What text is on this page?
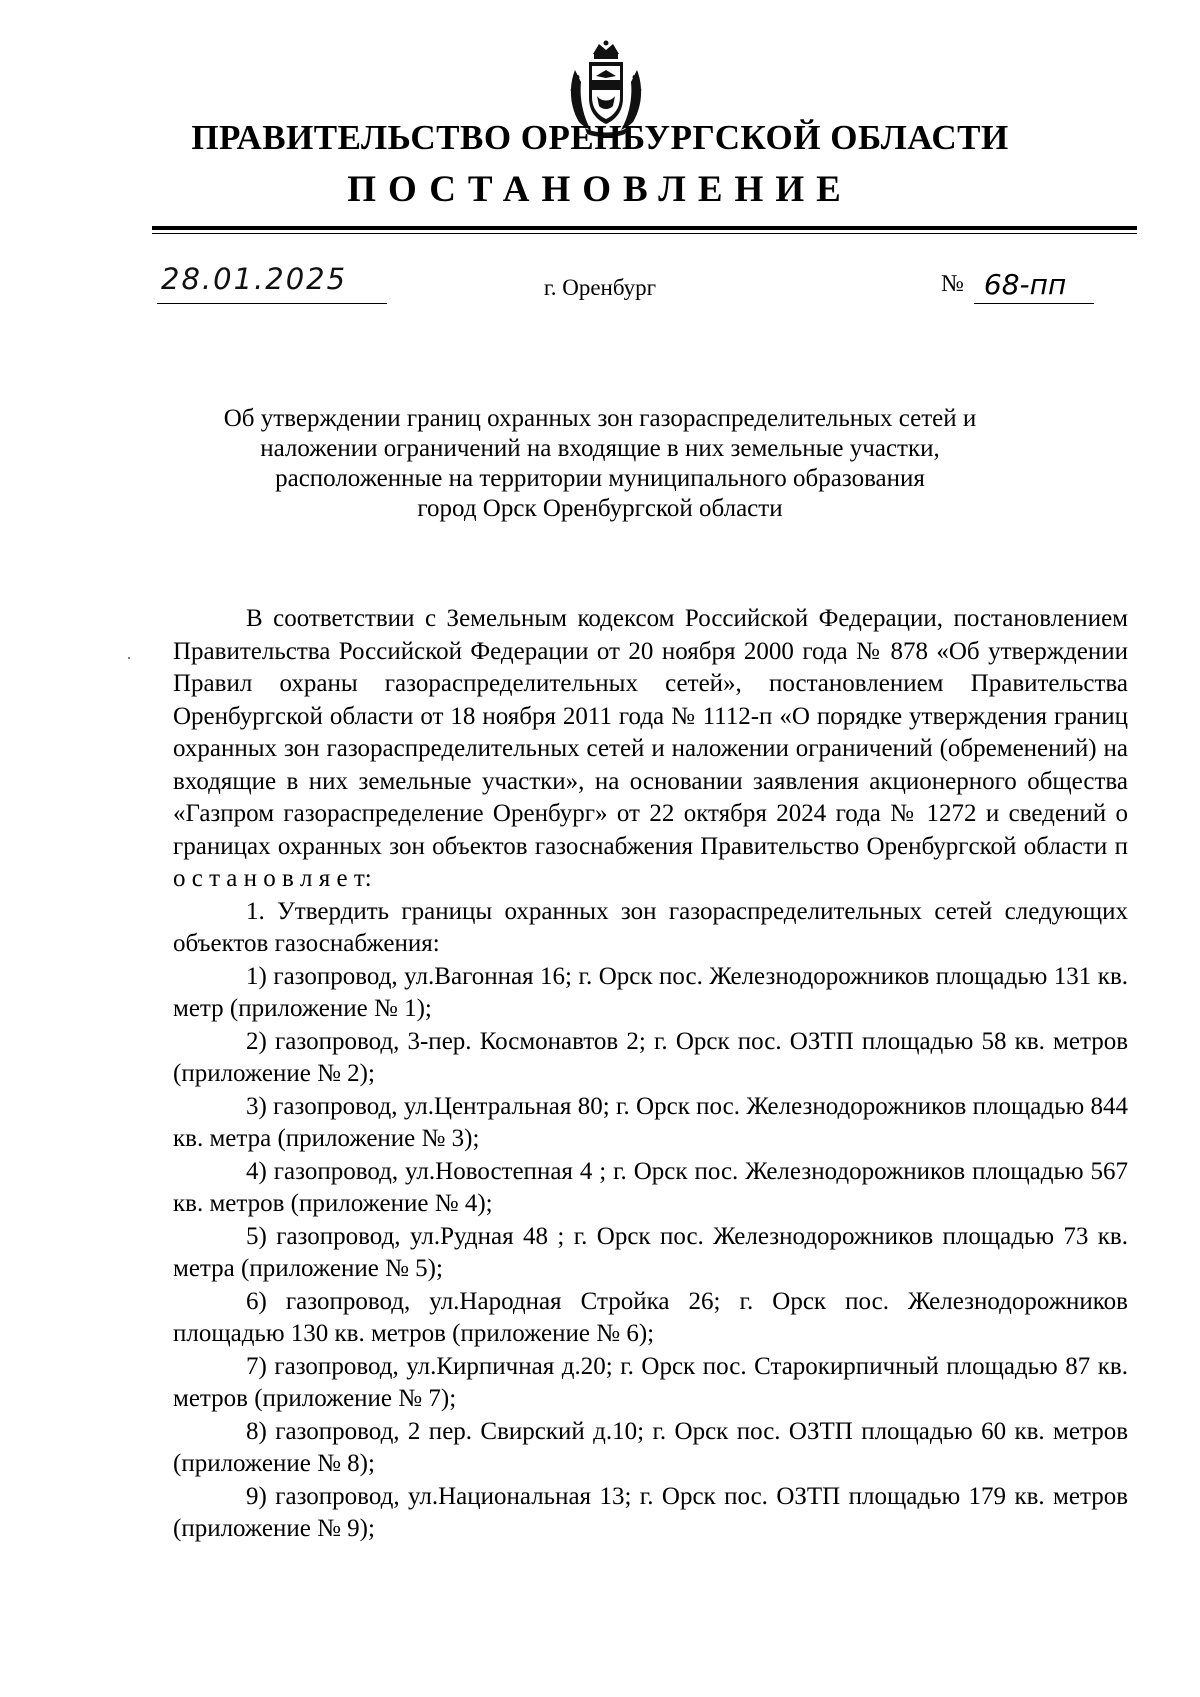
ПРАВИТЕЛЬСТВО ОРЕНБУРГСКОЙ ОБЛАСТИ
ПОСТАНОВЛЕНИЕ
28.01.2025	г. Оренбург	№ 68-пп
Об утверждении границ охранных зон газораспределительных сетей и
наложении ограничений на входящие в них земельные участки,
расположенные на территории муниципального образования
город Орск Оренбургской области

В соответствии с Земельным кодексом Российской Федерации, постановлением Правительства Российской Федерации от 20 ноября 2000 года № 878 «Об утверждении Правил охраны газораспределительных сетей», постановлением Правительства Оренбургской области от 18 ноября 2011 года № 1112-п «О порядке утверждения границ охранных зон газораспределительных сетей и наложении ограничений (обременений) на входящие в них земельные участки», на основании заявления акционерного общества «Газпром газораспределение Оренбург» от 22 октября 2024 года № 1272 и сведений о границах охранных зон объектов газоснабжения Правительство Оренбургской области п о с т а н о в л я е т:

1. Утвердить границы охранных зон газораспределительных сетей следующих объектов газоснабжения:

1) газопровод, ул.Вагонная 16; г. Орск пос. Железнодорожников площадью 131 кв. метр (приложение № 1);

2) газопровод, 3-пер. Космонавтов 2; г. Орск пос. ОЗТП площадью 58 кв. метров (приложение № 2);

3) газопровод, ул.Центральная 80; г. Орск пос. Железнодорожников площадью 844 кв. метра (приложение № 3);

4) газопровод, ул.Новостепная 4 ; г. Орск пос. Железнодорожников площадью 567 кв. метров (приложение № 4);

5) газопровод, ул.Рудная 48 ; г. Орск пос. Железнодорожников площадью 73 кв. метра (приложение № 5);

6) газопровод, ул.Народная Стройка 26; г. Орск пос. Железнодорожников площадью 130 кв. метров (приложение № 6);

7) газопровод, ул.Кирпичная д.20; г. Орск пос. Старокирпичный площадью 87 кв. метров (приложение № 7);

8) газопровод, 2 пер. Свирский д.10; г. Орск пос. ОЗТП площадью 60 кв. метров (приложение № 8);

9) газопровод, ул.Национальная 13; г. Орск пос. ОЗТП площадью 179 кв. метров (приложение № 9);
